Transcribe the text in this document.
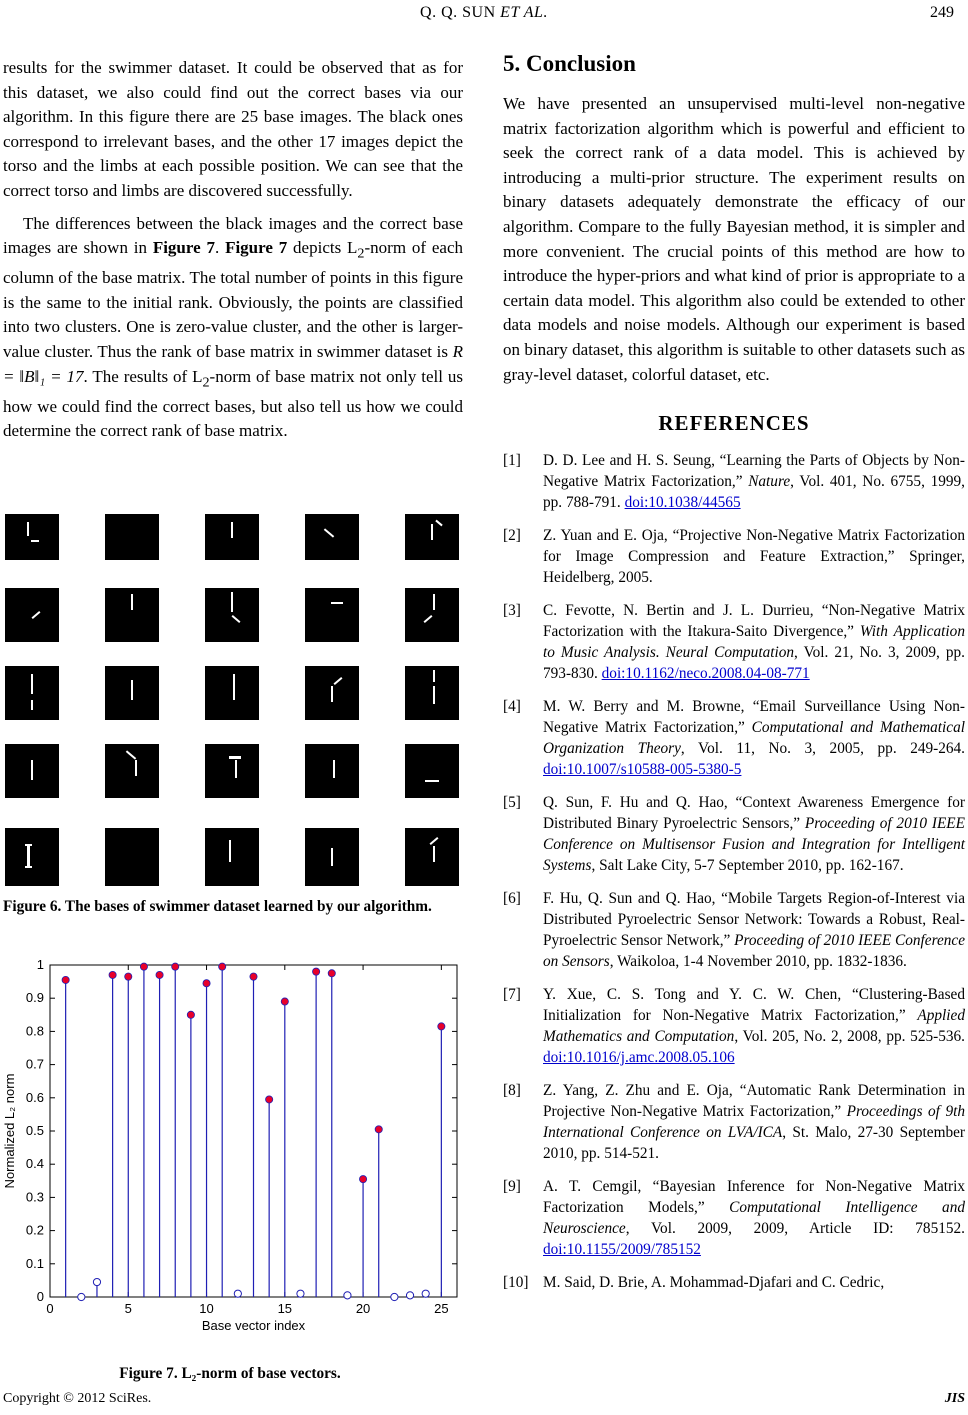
Q. Q. SUN ET AL.	249

results for the swimmer dataset. It could be observed that as for this dataset, we also could find out the correct bases via our algorithm. In this figure there are 25 base images. The black ones correspond to irrelevant bases, and the other 17 images depict the torso and the limbs at each possible position. We can see that the correct torso and limbs are discovered successfully.

The differences between the black images and the correct base images are shown in Figure 7. Figure 7 depicts $L_2$-norm of each column of the base matrix. The total number of points in this figure is the same to the initial rank. Obviously, the points are classified into two clusters. One is zero-value cluster, and the other is larger-value cluster. Thus the rank of base matrix in swimmer dataset is R = ‖B‖₁ = 17. The results of $L_2$-norm of base matrix not only tell us how we could find the correct bases, but also tell us how we could determine the correct rank of base matrix.

Figure 6. The bases of swimmer dataset learned by our algorithm.
0
0.1
0.2
0.3
0.4
0.5
0.6
0.7
0.8
0.9
1
0	5	10	15	20	25
Base vector index
Normalized L₂ norm
Figure 7. L₂-norm of base vectors.
5. Conclusion

We have presented an unsupervised multi-level non-negative matrix factorization algorithm which is powerful and efficient to seek the correct rank of a data model. This is achieved by introducing a multi-prior structure. The experiment results on binary datasets adequately demonstrate the efficacy of our algorithm. Compare to the fully Bayesian method, it is simpler and more convenient. The crucial points of this method are how to introduce the hyper-priors and what kind of prior is appropriate to a certain data model. This algorithm also could be extended to other data models and noise models. Although our experiment is based on binary dataset, this algorithm is suitable to other datasets such as gray-level dataset, colorful dataset, etc.

REFERENCES
[1] D. D. Lee and H. S. Seung, “Learning the Parts of Objects by Non-Negative Matrix Factorization,” Nature, Vol. 401, No. 6755, 1999, pp. 788-791. doi:10.1038/44565
[2] Z. Yuan and E. Oja, “Projective Non-Negative Matrix Factorization for Image Compression and Feature Extraction,” Springer, Heidelberg, 2005.
[3] C. Fevotte, N. Bertin and J. L. Durrieu, “Non-Negative Matrix Factorization with the Itakura-Saito Divergence,” With Application to Music Analysis. Neural Computation, Vol. 21, No. 3, 2009, pp. 793-830. doi:10.1162/neco.2008.04-08-771
[4] M. W. Berry and M. Browne, “Email Surveillance Using Non-Negative Matrix Factorization,” Computational and Mathematical Organization Theory, Vol. 11, No. 3, 2005, pp. 249-264. doi:10.1007/s10588-005-5380-5
[5] Q. Sun, F. Hu and Q. Hao, “Context Awareness Emergence for Distributed Binary Pyroelectric Sensors,” Proceeding of 2010 IEEE Conference on Multisensor Fusion and Integration for Intelligent Systems, Salt Lake City, 5-7 September 2010, pp. 162-167.
[6] F. Hu, Q. Sun and Q. Hao, “Mobile Targets Region-of-Interest via Distributed Pyroelectric Sensor Network: Towards a Robust, Real-Pyroelectric Sensor Network,” Proceeding of 2010 IEEE Conference on Sensors, Waikoloa, 1-4 November 2010, pp. 1832-1836.
[7] Y. Xue, C. S. Tong and Y. C. W. Chen, “Clustering-Based Initialization for Non-Negative Matrix Factorization,” Applied Mathematics and Computation, Vol. 205, No. 2, 2008, pp. 525-536. doi:10.1016/j.amc.2008.05.106
[8] Z. Yang, Z. Zhu and E. Oja, “Automatic Rank Determination in Projective Non-Negative Matrix Factorization,” Proceedings of 9th International Conference on LVA/ICA, St. Malo, 27-30 September 2010, pp. 514-521.
[9] A. T. Cemgil, “Bayesian Inference for Non-Negative Matrix Factorization Models,” Computational Intelligence and Neuroscience, Vol. 2009, 2009, Article ID: 785152. doi:10.1155/2009/785152
[10] M. Said, D. Brie, A. Mohammad-Djafari and C. Cedric,
Copyright © 2012 SciRes.	JIS
